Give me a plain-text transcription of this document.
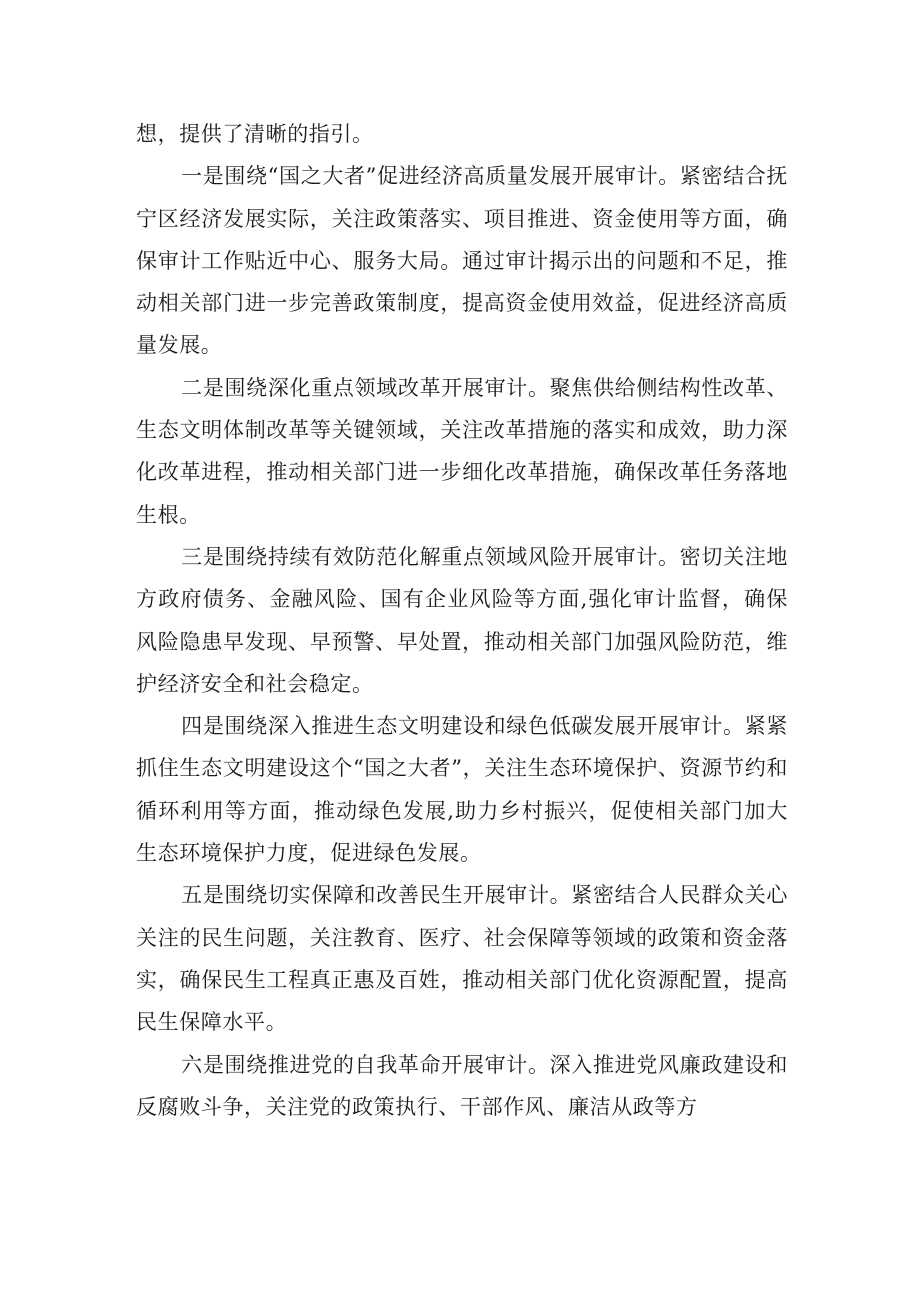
想，提供了清晰的指引。

一是围绕“国之大者”促进经济高质量发展开展审计。紧密结合抚宁区经济发展实际，关注政策落实、项目推进、资金使用等方面，确保审计工作贴近中心、服务大局。通过审计揭示出的问题和不足，推动相关部门进一步完善政策制度，提高资金使用效益，促进经济高质量发展。

二是围绕深化重点领域改革开展审计。聚焦供给侧结构性改革、生态文明体制改革等关键领域，关注改革措施的落实和成效，助力深化改革进程，推动相关部门进一步细化改革措施，确保改革任务落地生根。

三是围绕持续有效防范化解重点领域风险开展审计。密切关注地方政府债务、金融风险、国有企业风险等方面,强化审计监督，确保风险隐患早发现、早预警、早处置，推动相关部门加强风险防范，维护经济安全和社会稳定。

四是围绕深入推进生态文明建设和绿色低碳发展开展审计。紧紧抓住生态文明建设这个“国之大者”，关注生态环境保护、资源节约和循环利用等方面，推动绿色发展,助力乡村振兴，促使相关部门加大生态环境保护力度，促进绿色发展。

五是围绕切实保障和改善民生开展审计。紧密结合人民群众关心关注的民生问题，关注教育、医疗、社会保障等领域的政策和资金落实，确保民生工程真正惠及百姓，推动相关部门优化资源配置，提高民生保障水平。

六是围绕推进党的自我革命开展审计。深入推进党风廉政建设和反腐败斗争，关注党的政策执行、干部作风、廉洁从政等方
